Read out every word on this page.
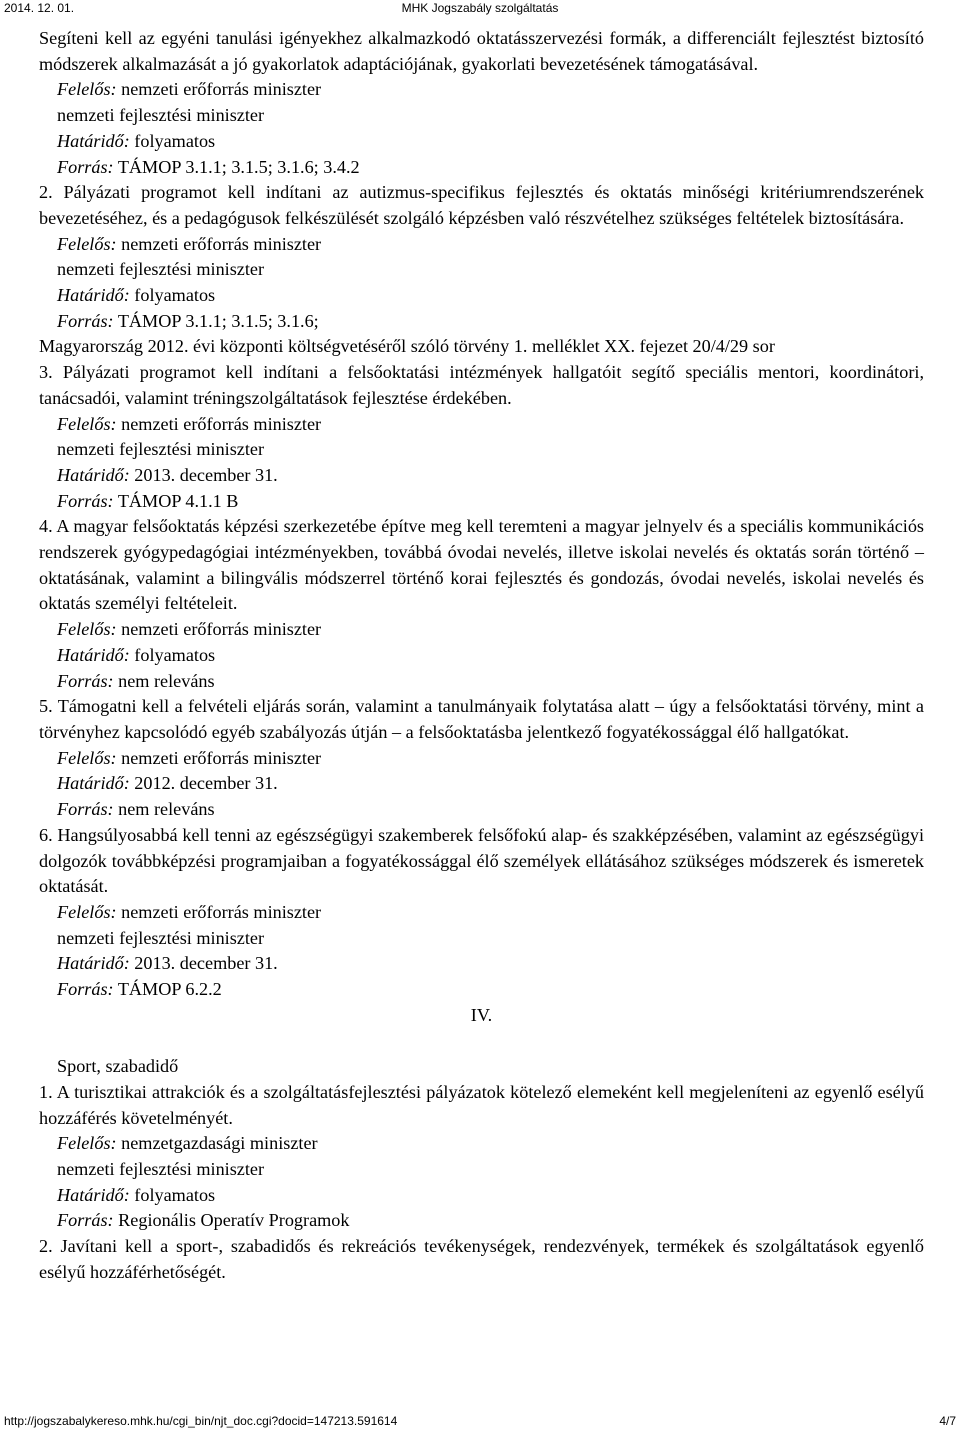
2014. 12. 01.	MHK Jogszabály szolgáltatás

Segíteni kell az egyéni tanulási igényekhez alkalmazkodó oktatásszervezési formák, a differenciált fejlesztést biztosító módszerek alkalmazását a jó gyakorlatok adaptációjának, gyakorlati bevezetésének támogatásával.

Felelős: nemzeti erőforrás miniszter

nemzeti fejlesztési miniszter

Határidő: folyamatos

Forrás: TÁMOP 3.1.1; 3.1.5; 3.1.6; 3.4.2

2. Pályázati programot kell indítani az autizmus-specifikus fejlesztés és oktatás minőségi kritériumrendszerének bevezetéséhez, és a pedagógusok felkészülését szolgáló képzésben való részvételhez szükséges feltételek biztosítására.

Felelős: nemzeti erőforrás miniszter

nemzeti fejlesztési miniszter

Határidő: folyamatos

Forrás: TÁMOP 3.1.1; 3.1.5; 3.1.6;

Magyarország 2012. évi központi költségvetéséről szóló törvény 1. melléklet XX. fejezet 20/4/29 sor

3. Pályázati programot kell indítani a felsőoktatási intézmények hallgatóit segítő speciális mentori, koordinátori, tanácsadói, valamint tréningszolgáltatások fejlesztése érdekében.

Felelős: nemzeti erőforrás miniszter

nemzeti fejlesztési miniszter

Határidő: 2013. december 31.

Forrás: TÁMOP 4.1.1 B

4. A magyar felsőoktatás képzési szerkezetébe építve meg kell teremteni a magyar jelnyelv és a speciális kommunikációs rendszerek gyógypedagógiai intézményekben, továbbá óvodai nevelés, illetve iskolai nevelés és oktatás során történő – oktatásának, valamint a bilingvális módszerrel történő korai fejlesztés és gondozás, óvodai nevelés, iskolai nevelés és oktatás személyi feltételeit.

Felelős: nemzeti erőforrás miniszter

Határidő: folyamatos

Forrás: nem releváns

5. Támogatni kell a felvételi eljárás során, valamint a tanulmányaik folytatása alatt – úgy a felsőoktatási törvény, mint a törvényhez kapcsolódó egyéb szabályozás útján – a felsőoktatásba jelentkező fogyatékossággal élő hallgatókat.

Felelős: nemzeti erőforrás miniszter

Határidő: 2012. december 31.

Forrás: nem releváns

6. Hangsúlyosabbá kell tenni az egészségügyi szakemberek felsőfokú alap- és szakképzésében, valamint az egészségügyi dolgozók továbbképzési programjaiban a fogyatékossággal élő személyek ellátásához szükséges módszerek és ismeretek oktatását.

Felelős: nemzeti erőforrás miniszter

nemzeti fejlesztési miniszter

Határidő: 2013. december 31.

Forrás: TÁMOP 6.2.2

IV.

Sport, szabadidő

1. A turisztikai attrakciók és a szolgáltatásfejlesztési pályázatok kötelező elemeként kell megjeleníteni az egyenlő esélyű hozzáférés követelményét.

Felelős: nemzetgazdasági miniszter

nemzeti fejlesztési miniszter

Határidő: folyamatos

Forrás: Regionális Operatív Programok

2. Javítani kell a sport-, szabadidős és rekreációs tevékenységek, rendezvények, termékek és szolgáltatások egyenlő esélyű hozzáférhetőségét.

http://jogszabalykereso.mhk.hu/cgi_bin/njt_doc.cgi?docid=147213.591614	4/7
